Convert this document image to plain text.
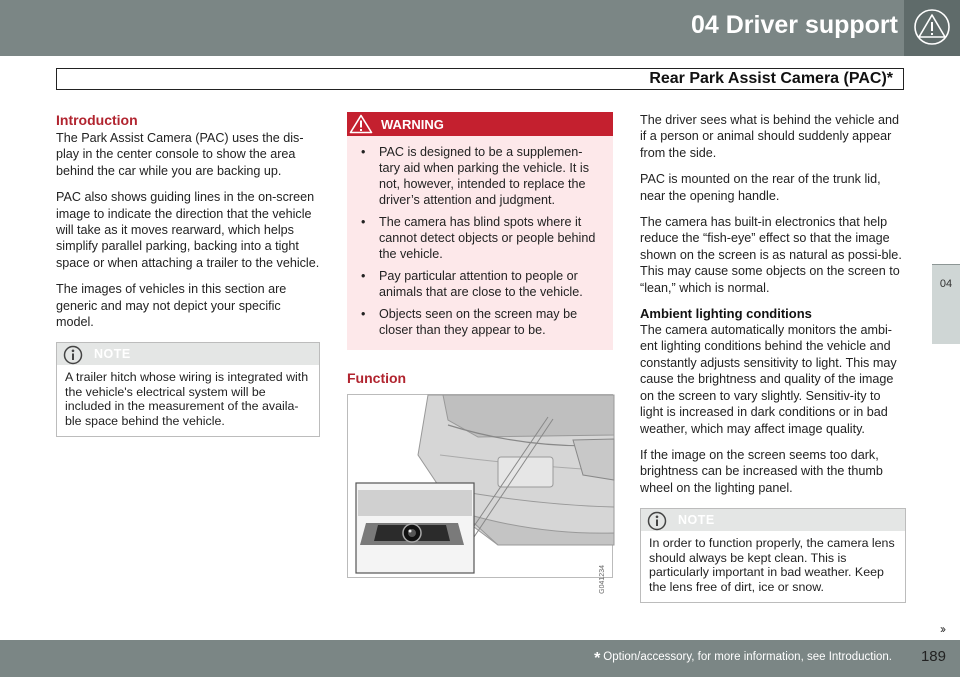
04 Driver support
Rear Park Assist Camera (PAC)*
04
Introduction

The Park Assist Camera (PAC) uses the dis-play in the center console to show the area behind the car while you are backing up.

PAC also shows guiding lines in the on-screen image to indicate the direction that the vehicle will take as it moves rearward, which helps simplify parallel parking, backing into a tight space or when attaching a trailer to the vehicle.

The images of vehicles in this section are generic and may not depict your specific model.

NOTE
A trailer hitch whose wiring is integrated with the vehicle's electrical system will be included in the measurement of the availa-ble space behind the vehicle.
WARNING
• PAC is designed to be a supplemen-tary aid when parking the vehicle. It is not, however, intended to replace the driver’s attention and judgment.
• The camera has blind spots where it cannot detect objects or people behind the vehicle.
• Pay particular attention to people or animals that are close to the vehicle.
• Objects seen on the screen may be closer than they appear to be.
Function
G041234

The driver sees what is behind the vehicle and if a person or animal should suddenly appear from the side.

PAC is mounted on the rear of the trunk lid, near the opening handle.

The camera has built-in electronics that help reduce the “fish-eye” effect so that the image shown on the screen is as natural as possi-ble. This may cause some objects on the screen to “lean,” which is normal.

Ambient lighting conditions

The camera automatically monitors the ambi-ent lighting conditions behind the vehicle and constantly adjusts sensitivity to light. This may cause the brightness and quality of the image on the screen to vary slightly. Sensitiv-ity to light is increased in dark conditions or in bad weather, which may affect image quality.

If the image on the screen seems too dark, brightness can be increased with the thumb wheel on the lighting panel.

NOTE
In order to function properly, the camera lens should always be kept clean. This is particularly important in bad weather. Keep the lens free of dirt, ice or snow.
››
* Option/accessory, for more information, see Introduction. 189
